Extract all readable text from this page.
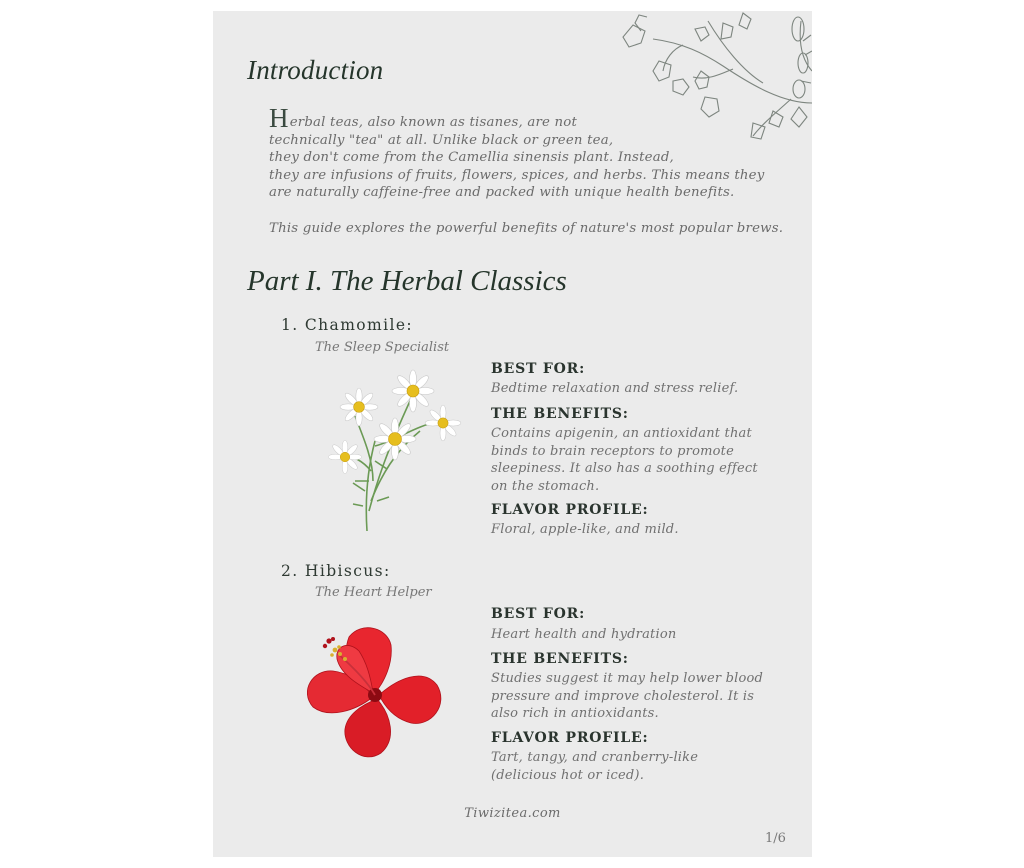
Introduction
Herbal teas, also known as tisanes, are not
technically "tea" at all. Unlike black or green tea,
they don't come from the Camellia sinensis plant. Instead,
they are infusions of fruits, flowers, spices, and herbs. This means they
are naturally caffeine-free and packed with unique health benefits.
This guide explores the powerful benefits of nature's most popular brews.
Part I. The Herbal Classics
1. Chamomile:
The Sleep Specialist
BEST FOR:
Bedtime relaxation and stress relief.
THE BENEFITS:
Contains apigenin, an antioxidant that
binds to brain receptors to promote
sleepiness. It also has a soothing effect
on the stomach.
FLAVOR PROFILE:
Floral, apple-like, and mild.
2. Hibiscus:
The Heart Helper
BEST FOR:
Heart health and hydration
THE BENEFITS:
Studies suggest it may help lower blood
pressure and improve cholesterol. It is
also rich in antioxidants.
FLAVOR PROFILE:
Tart, tangy, and cranberry-like
(delicious hot or iced).
Tiwizitea.com
1/6
